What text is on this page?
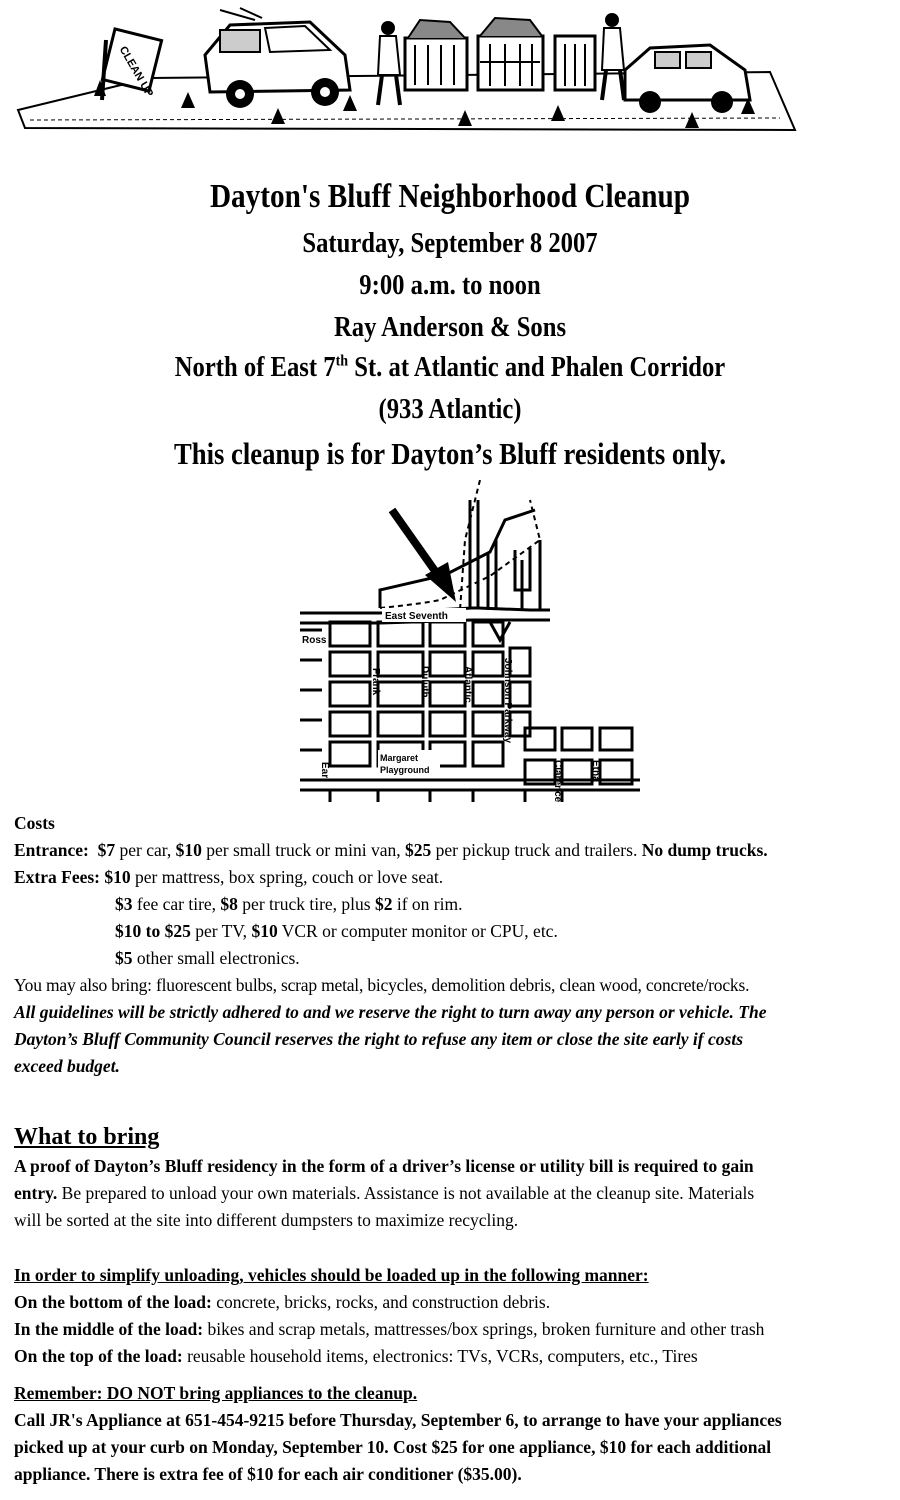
CLEAN UP

Dayton's Bluff Neighborhood Cleanup

Saturday, September 8 2007

9:00 a.m. to noon

Ray Anderson & Sons

North of East 7th St. at Atlantic and Phalen Corridor

(933 Atlantic)

This cleanup is for Dayton’s Bluff residents only.

East Seventh
Ross
Frank	Duluth	Atlantic	Johnson Parkway
Clarence	Etna
Earl
Margaret
Playground
Costs
Entrance: $7 per car, $10 per small truck or mini van, $25 per pickup truck and trailers. No dump trucks.
Extra Fees: $10 per mattress, box spring, couch or love seat.
$3 fee car tire, $8 per truck tire, plus $2 if on rim.
$10 to $25 per TV, $10 VCR or computer monitor or CPU, etc.
$5 other small electronics.
You may also bring: fluorescent bulbs, scrap metal, bicycles, demolition debris, clean wood, concrete/rocks.
All guidelines will be strictly adhered to and we reserve the right to turn away any person or vehicle. The
Dayton’s Bluff Community Council reserves the right to refuse any item or close the site early if costs
exceed budget.
What to bring
A proof of Dayton’s Bluff residency in the form of a driver’s license or utility bill is required to gain
entry. Be prepared to unload your own materials. Assistance is not available at the cleanup site. Materials
will be sorted at the site into different dumpsters to maximize recycling.
In order to simplify unloading, vehicles should be loaded up in the following manner:
On the bottom of the load: concrete, bricks, rocks, and construction debris.
In the middle of the load: bikes and scrap metals, mattresses/box springs, broken furniture and other trash
On the top of the load: reusable household items, electronics: TVs, VCRs, computers, etc., Tires
Remember: DO NOT bring appliances to the cleanup.
Call JR's Appliance at 651-454-9215 before Thursday, September 6, to arrange to have your appliances
picked up at your curb on Monday, September 10. Cost $25 for one appliance, $10 for each additional
appliance. There is extra fee of $10 for each air conditioner ($35.00).
